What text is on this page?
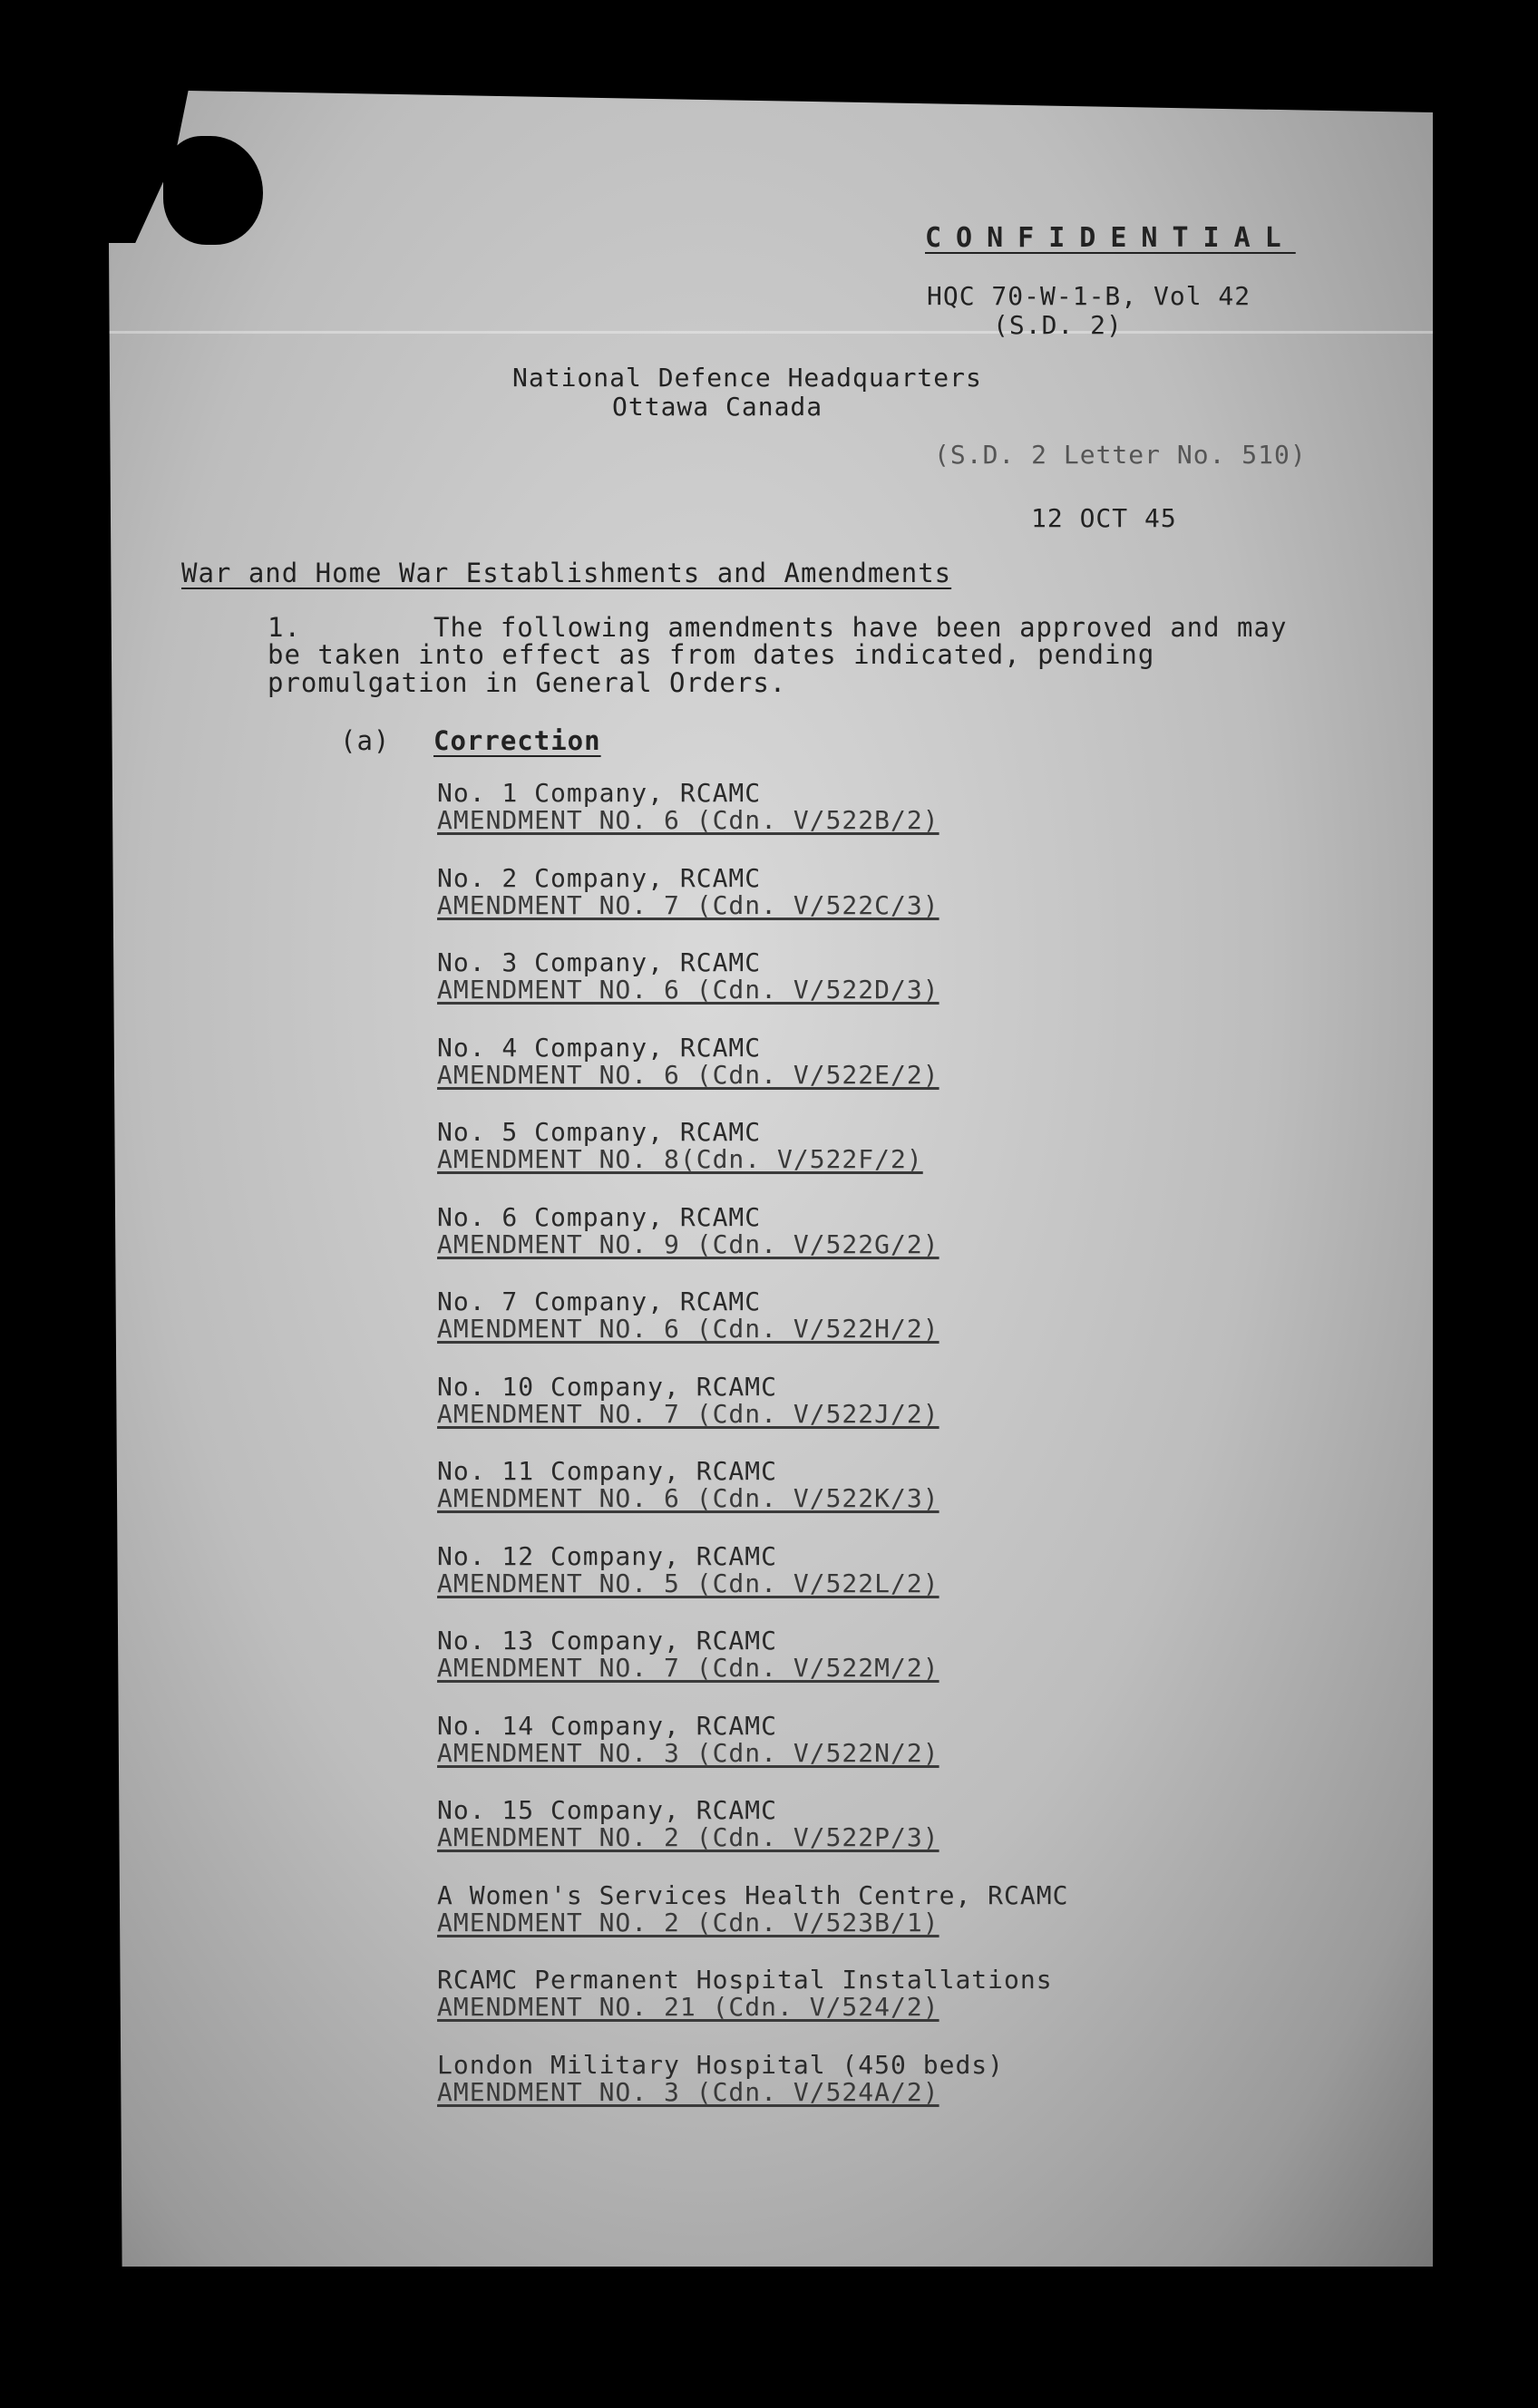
CONFIDENTIAL
HQC 70-W-1-B, Vol 42
(S.D. 2)
National Defence Headquarters
Ottawa Canada
(S.D. 2 Letter No. 510)
12 OCT 45
War and Home War Establishments and Amendments
1.	The following amendments have been approved and may
be taken into effect as from dates indicated, pending
promulgation in General Orders.
(a) Correction
No. 1 Company, RCAMC
AMENDMENT NO. 6 (Cdn. V/522B/2)
No. 2 Company, RCAMC
AMENDMENT NO. 7 (Cdn. V/522C/3)
No. 3 Company, RCAMC
AMENDMENT NO. 6 (Cdn. V/522D/3)
No. 4 Company, RCAMC
AMENDMENT NO. 6 (Cdn. V/522E/2)
No. 5 Company, RCAMC
AMENDMENT NO. 8(Cdn. V/522F/2)
No. 6 Company, RCAMC
AMENDMENT NO. 9 (Cdn. V/522G/2)
No. 7 Company, RCAMC
AMENDMENT NO. 6 (Cdn. V/522H/2)
No. 10 Company, RCAMC
AMENDMENT NO. 7 (Cdn. V/522J/2)
No. 11 Company, RCAMC
AMENDMENT NO. 6 (Cdn. V/522K/3)
No. 12 Company, RCAMC
AMENDMENT NO. 5 (Cdn. V/522L/2)
No. 13 Company, RCAMC
AMENDMENT NO. 7 (Cdn. V/522M/2)
No. 14 Company, RCAMC
AMENDMENT NO. 3 (Cdn. V/522N/2)
No. 15 Company, RCAMC
AMENDMENT NO. 2 (Cdn. V/522P/3)
A Women's Services Health Centre, RCAMC
AMENDMENT NO. 2 (Cdn. V/523B/1)
RCAMC Permanent Hospital Installations
AMENDMENT NO. 21 (Cdn. V/524/2)
London Military Hospital (450 beds)
AMENDMENT NO. 3 (Cdn. V/524A/2)
